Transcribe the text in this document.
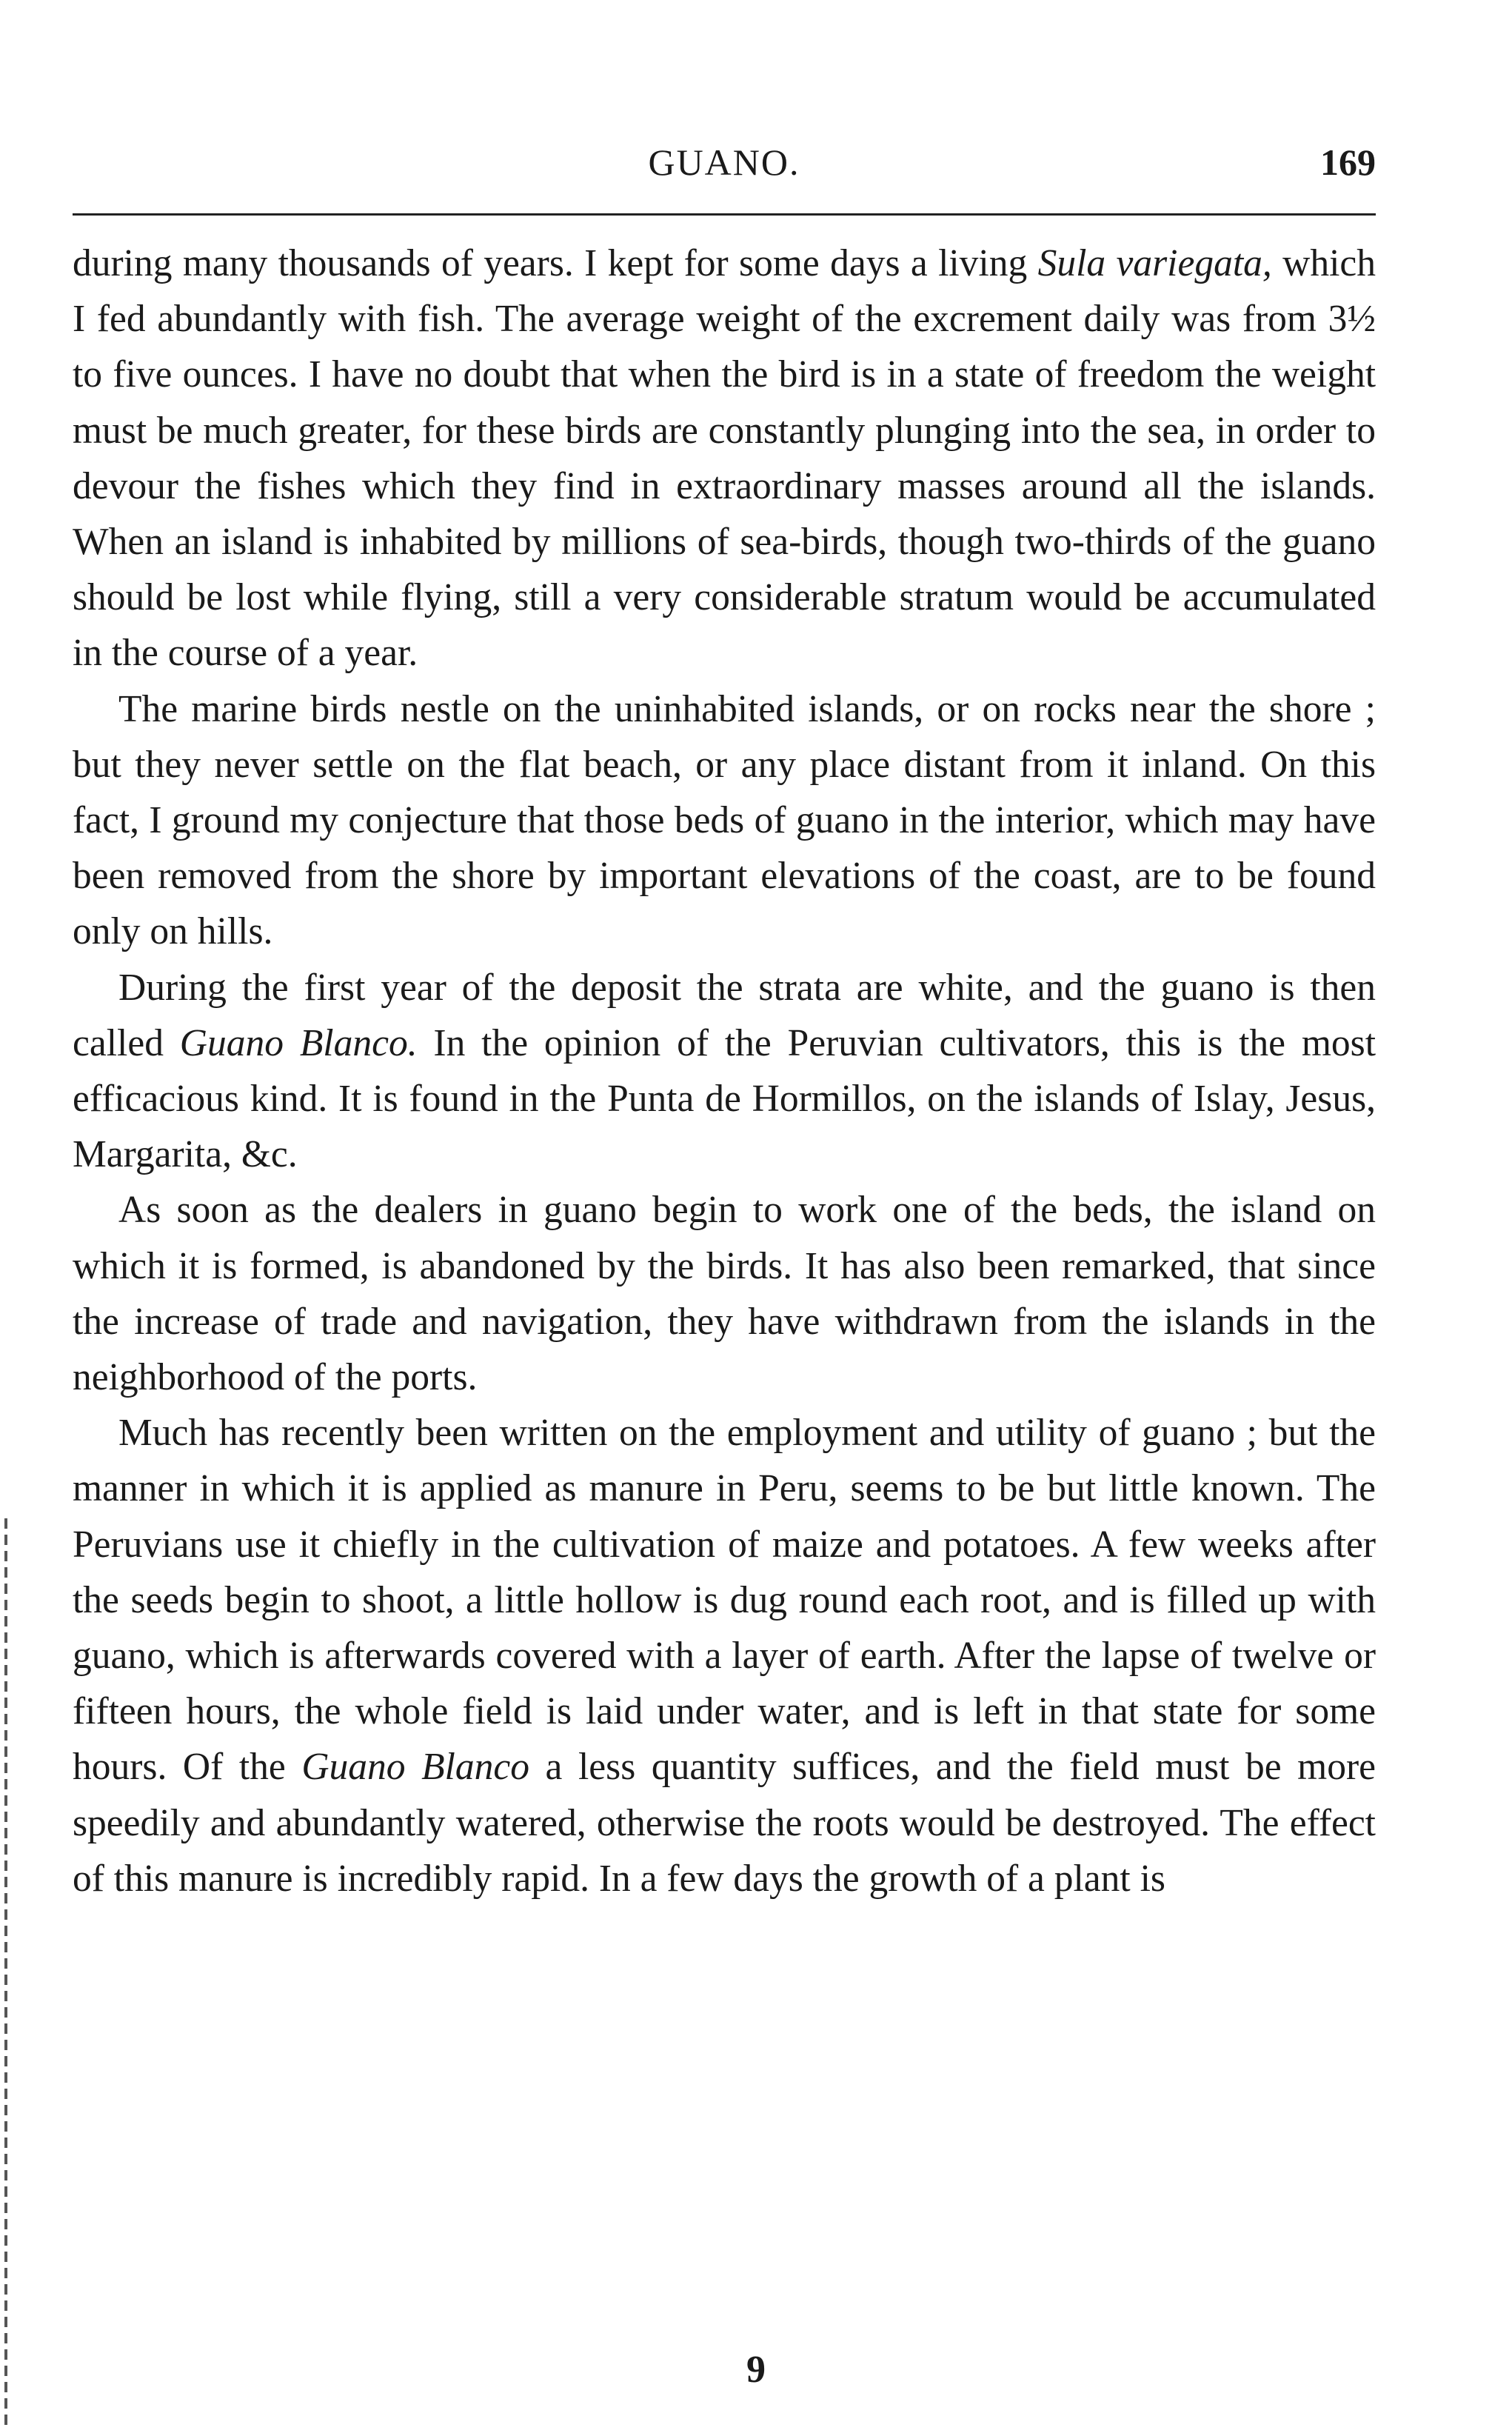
GUANO.	169

during many thousands of years. I kept for some days a living Sula variegata, which I fed abundantly with fish. The average weight of the excrement daily was from 3½ to five ounces. I have no doubt that when the bird is in a state of freedom the weight must be much greater, for these birds are constantly plunging into the sea, in order to devour the fishes which they find in extraordinary masses around all the islands. When an island is inhabited by millions of sea-birds, though two-thirds of the guano should be lost while flying, still a very considerable stratum would be accumulated in the course of a year.

The marine birds nestle on the uninhabited islands, or on rocks near the shore ; but they never settle on the flat beach, or any place distant from it inland. On this fact, I ground my conjecture that those beds of guano in the interior, which may have been removed from the shore by important elevations of the coast, are to be found only on hills.

During the first year of the deposit the strata are white, and the guano is then called Guano Blanco. In the opinion of the Peruvian cultivators, this is the most efficacious kind. It is found in the Punta de Hormillos, on the islands of Islay, Jesus, Margarita, &c.

As soon as the dealers in guano begin to work one of the beds, the island on which it is formed, is abandoned by the birds. It has also been remarked, that since the increase of trade and navigation, they have withdrawn from the islands in the neighborhood of the ports.

Much has recently been written on the employment and utility of guano ; but the manner in which it is applied as manure in Peru, seems to be but little known. The Peruvians use it chiefly in the cultivation of maize and potatoes. A few weeks after the seeds begin to shoot, a little hollow is dug round each root, and is filled up with guano, which is afterwards covered with a layer of earth. After the lapse of twelve or fifteen hours, the whole field is laid under water, and is left in that state for some hours. Of the Guano Blanco a less quantity suffices, and the field must be more speedily and abundantly watered, otherwise the roots would be destroyed. The effect of this manure is incredibly rapid. In a few days the growth of a plant is

9
